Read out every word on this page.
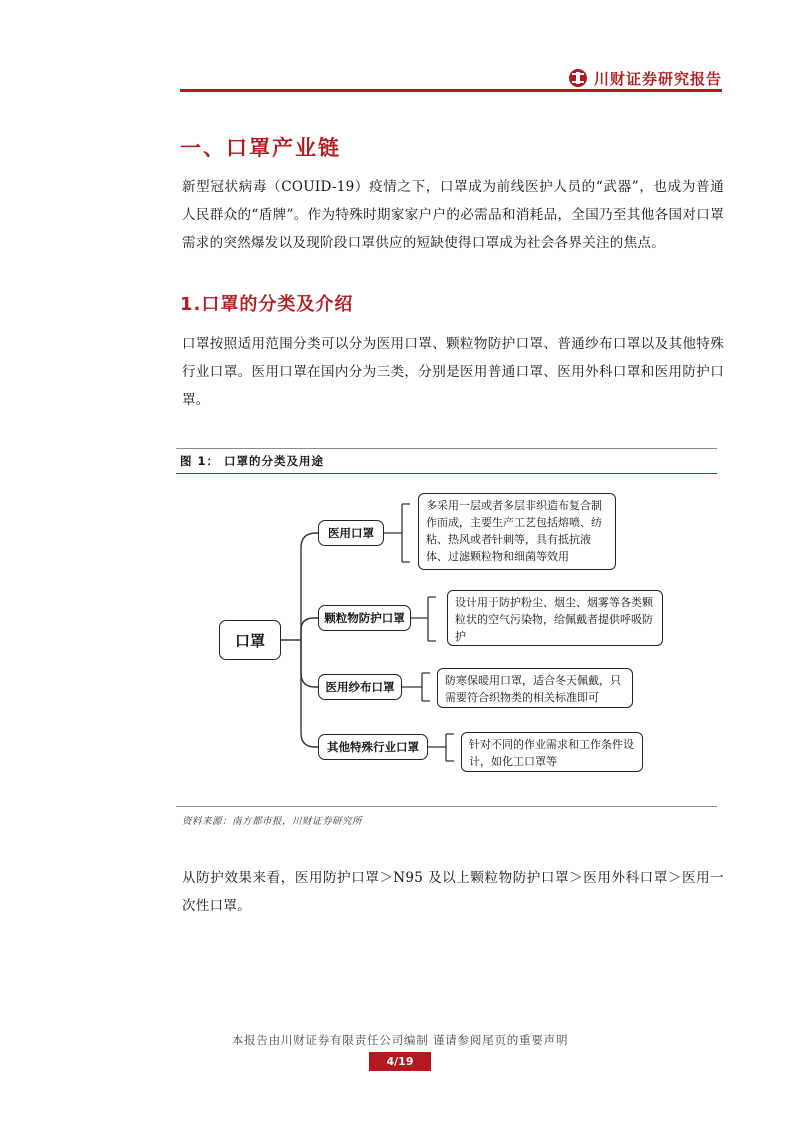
川财证券研究报告
一、口罩产业链

新型冠状病毒（COUID-19）疫情之下，口罩成为前线医护人员的“武器”，也成为普通人民群众的“盾牌”。作为特殊时期家家户户的必需品和消耗品，全国乃至其他各国对口罩需求的突然爆发以及现阶段口罩供应的短缺使得口罩成为社会各界关注的焦点。

1.口罩的分类及介绍

口罩按照适用范围分类可以分为医用口罩、颗粒物防护口罩、普通纱布口罩以及其他特殊行业口罩。医用口罩在国内分为三类，分别是医用普通口罩、医用外科口罩和医用防护口罩。

图 1： 口罩的分类及用途
口罩
医用口罩
颗粒物防护口罩
医用纱布口罩
其他特殊行业口罩
多采用一层或者多层非织造布复合制作而成，主要生产工艺包括熔喷、纺粘、热风或者针刺等，具有抵抗液体、过滤颗粒物和细菌等效用
设计用于防护粉尘、烟尘、烟雾等各类颗粒状的空气污染物，给佩戴者提供呼吸防护
防寒保暖用口罩，适合冬天佩戴，只需要符合织物类的相关标准即可
针对不同的作业需求和工作条件设计，如化工口罩等
资料来源：南方都市报，川财证券研究所

从防护效果来看，医用防护口罩＞N95 及以上颗粒物防护口罩＞医用外科口罩＞医用一次性口罩。

本报告由川财证券有限责任公司编制 谨请参阅尾页的重要声明
4/19
